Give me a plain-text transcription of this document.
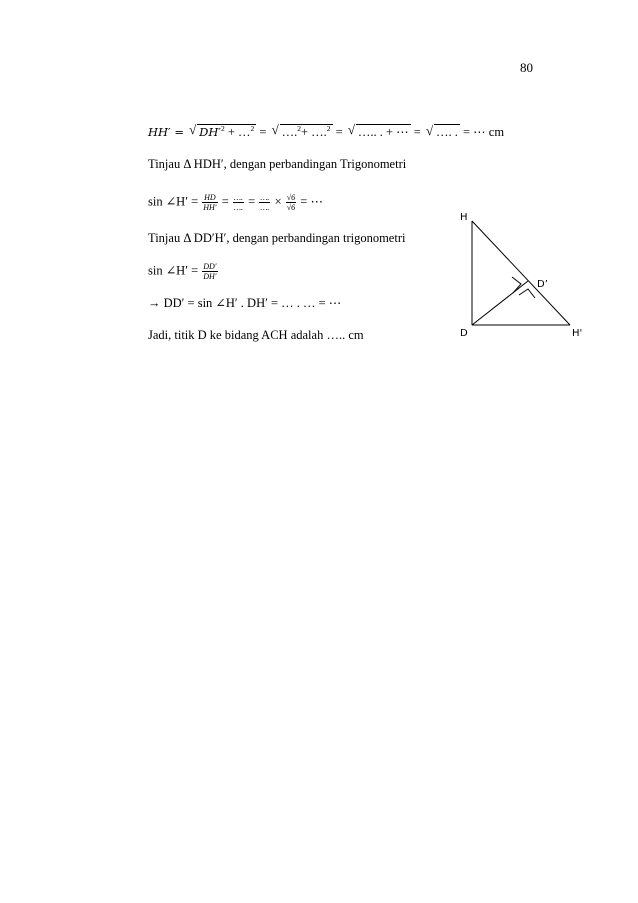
80
HH′ = √ $DH'^2$ + …$^2$ = √ ….$^2$+ ….$^2$ = √ ….. . + ⋯ = √ …. . = ⋯ cm
Tinjau Δ HDH′, dengan perbandingan Trigonometri
sin ∠H′ = $\frac{HD}{HH'} = \frac{\dots.}{\dots.} = \frac{\dots.}{\dots.} \times \frac{√6}{√6}$ = ⋯
Tinjau Δ DD′H′, dengan perbandingan trigonometri
sin ∠H′ = $\frac{DD'}{DH'}$
→ DD′ = sin ∠H′ . DH′ = … . … = ⋯
Jadi, titik D ke bidang ACH adalah ….. cm
H
D	H'
D’
